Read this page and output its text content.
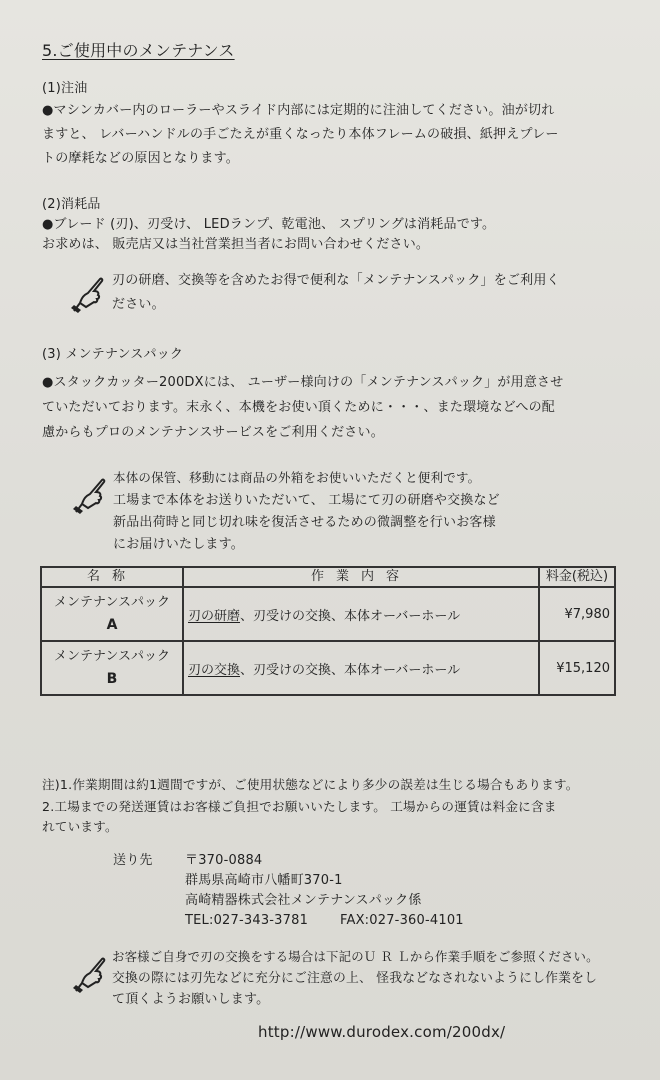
5.ご使用中のメンテナンス
(1)注油
●マシンカバー内のローラーやスライド内部には定期的に注油してください。油が切れ
ますと、 レバーハンドルの手ごたえが重くなったり本体フレームの破損、紙押えプレー
トの摩耗などの原因となります。
(2)消耗品
●ブレード (刃)、刃受け、 LEDランプ、乾電池、 スプリングは消耗品です。
お求めは、 販売店又は当社営業担当者にお問い合わせください。
刃の研磨、交換等を含めたお得で便利な「メンテナンスパック」をご利用く
ださい。
(3) メンテナンスパック
●スタックカッター200DXには、 ユーザー様向けの「メンテナンスパック」が用意させ
ていただいております。末永く、本機をお使い頂くために・・・、また環境などへの配
慮からもプロのメンテナンスサービスをご利用ください。
本体の保管、移動には商品の外箱をお使いいただくと便利です。
工場まで本体をお送りいただいて、 工場にて刃の研磨や交換など
新品出荷時と同じ切れ味を復活させるための微調整を行いお客様
にお届けいたします。
名称	作業内容	料金(税込)
メンテナンスパック
A	刃の研磨、刃受けの交換、本体オーバーホール	¥7,980
メンテナンスパック
B	刃の交換、刃受けの交換、本体オーバーホール	¥15,120
注)1.作業期間は約1週間ですが、ご使用状態などにより多少の誤差は生じる場合もあります。
2.工場までの発送運賃はお客様ご負担でお願いいたします。 工場からの運賃は料金に含ま
れています。
送り先 〒370-0884
群馬県高崎市八幡町370-1
高崎精器株式会社メンテナンスパック係
TEL:027-343-3781 FAX:027-360-4101
お客様ご自身で刃の交換をする場合は下記のＵ Ｒ Ｌから作業手順をご参照ください。
交換の際には刃先などに充分にご注意の上、 怪我などなされないようにし作業をし
て頂くようお願いします。
http://www.durodex.com/200dx/
